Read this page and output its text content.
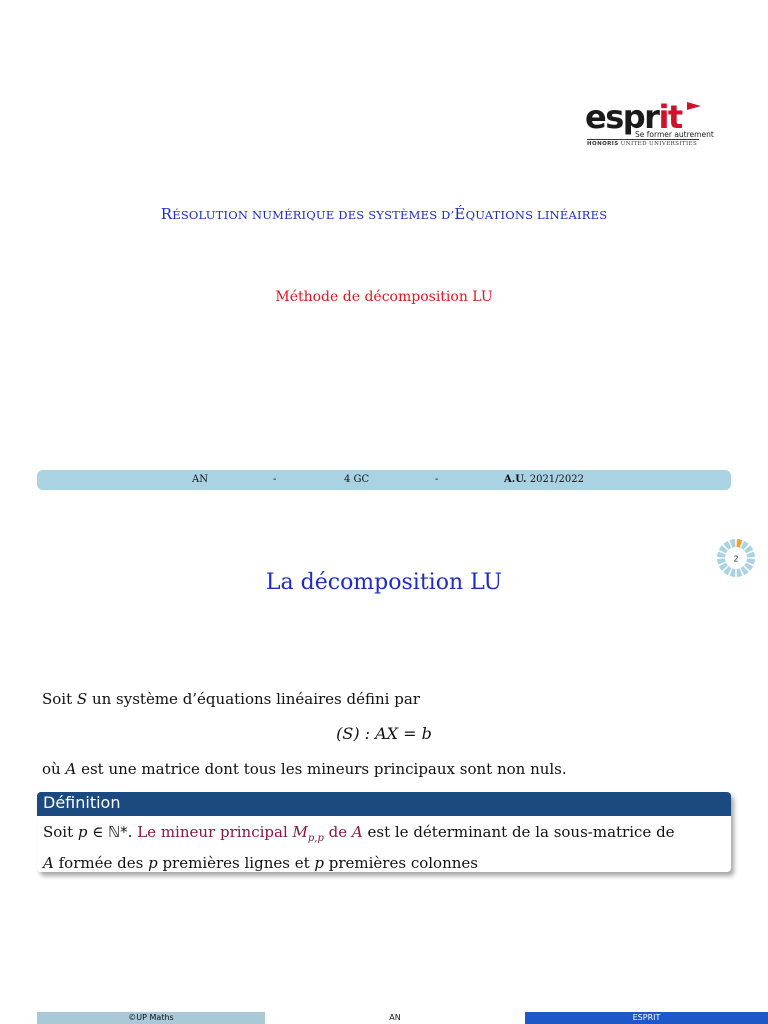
esprit
Se former autrement
HONORIS UNITED UNIVERSITIES
RÉSOLUTION NUMÉRIQUE DES SYSTÈMES D’ÉQUATIONS LINÉAIRES
Méthode de décomposition LU
AN	-	4 GC	-	A.U. 2021/2022
2
La décomposition LU
Soit S un système d’équations linéaires défini par
(S) : AX = b
où A est une matrice dont tous les mineurs principaux sont non nuls.
Définition
Soit p ∈ ℕ*. Le mineur principal $M_{p,p}$ de A est le déterminant de la sous-matrice de
A formée des p premières lignes et p premières colonnes
©UP Maths	AN	ESPRIT
